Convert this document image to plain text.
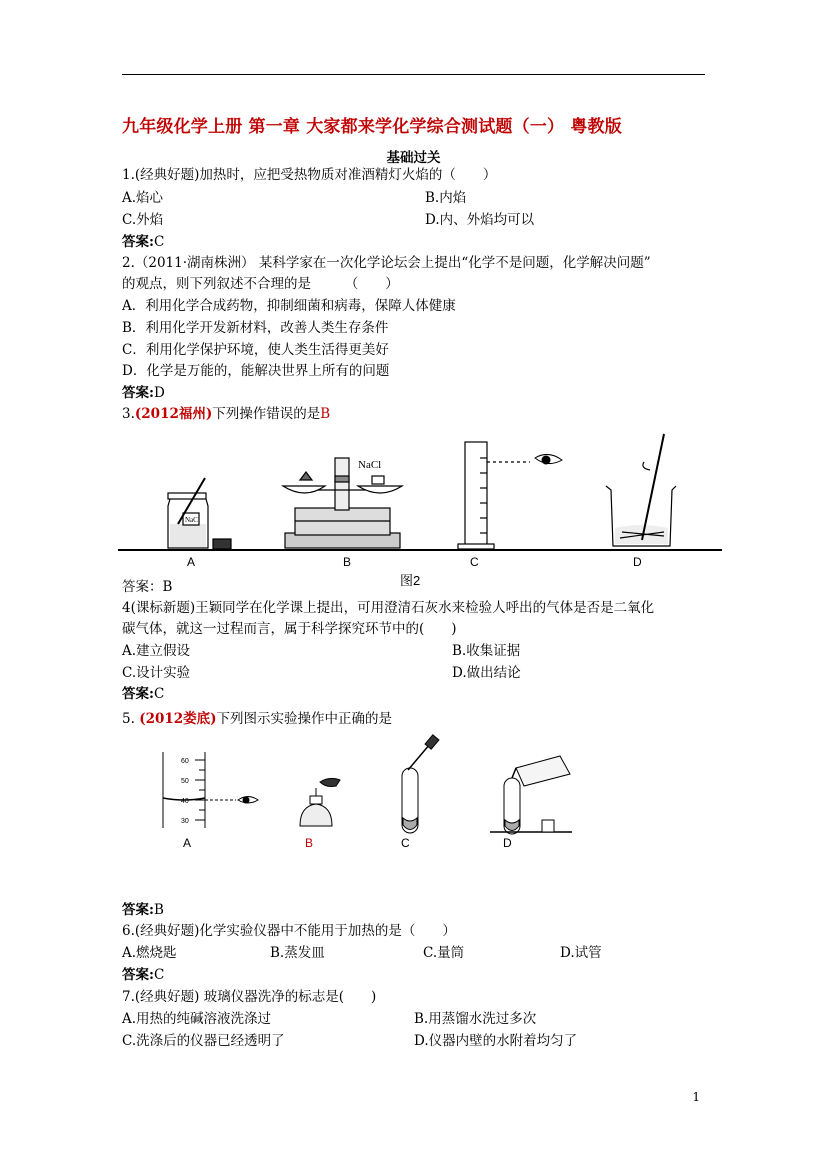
九年级化学上册 第一章 大家都来学化学综合测试题（一） 粤教版
基础过关
1.(经典好题)加热时，应把受热物质对准酒精灯火焰的（　　）
A.焰心	B.内焰
C.外焰	D.内、外焰均可以
答案:C
2.（2011·湖南株洲） 某科学家在一次化学论坛会上提出“化学不是问题，化学解决问题”
的观点，则下列叙述不合理的是　　　（　　）
A．利用化学合成药物，抑制细菌和病毒，保障人体健康
B．利用化学开发新材料，改善人类生存条件
C．利用化学保护环境，使人类生活得更美好
D．化学是万能的，能解决世界上所有的问题
答案:D
3.(2012福州)下列操作错误的是B
NaCl
NaCl
A	B	C	D
答案：B	图2
4(课标新题)王颖同学在化学课上提出，可用澄清石灰水来检验人呼出的气体是否是二氧化
碳气体，就这一过程而言，属于科学探究环节中的(　　)
A.建立假设	B.收集证据
C.设计实验	D.做出结论
答案:C
5. (2012娄底)下列图示实验操作中正确的是
60
50
40
30
A	B	C	D
答案:B
6.(经典好题)化学实验仪器中不能用于加热的是（　　）
A.燃烧匙	B.蒸发皿	C.量筒	D.试管
答案:C
7.(经典好题) 玻璃仪器洗净的标志是(　　)
A.用热的纯碱溶液洗涤过	B.用蒸馏水洗过多次
C.洗涤后的仪器已经透明了	D.仪器内壁的水附着均匀了
1
